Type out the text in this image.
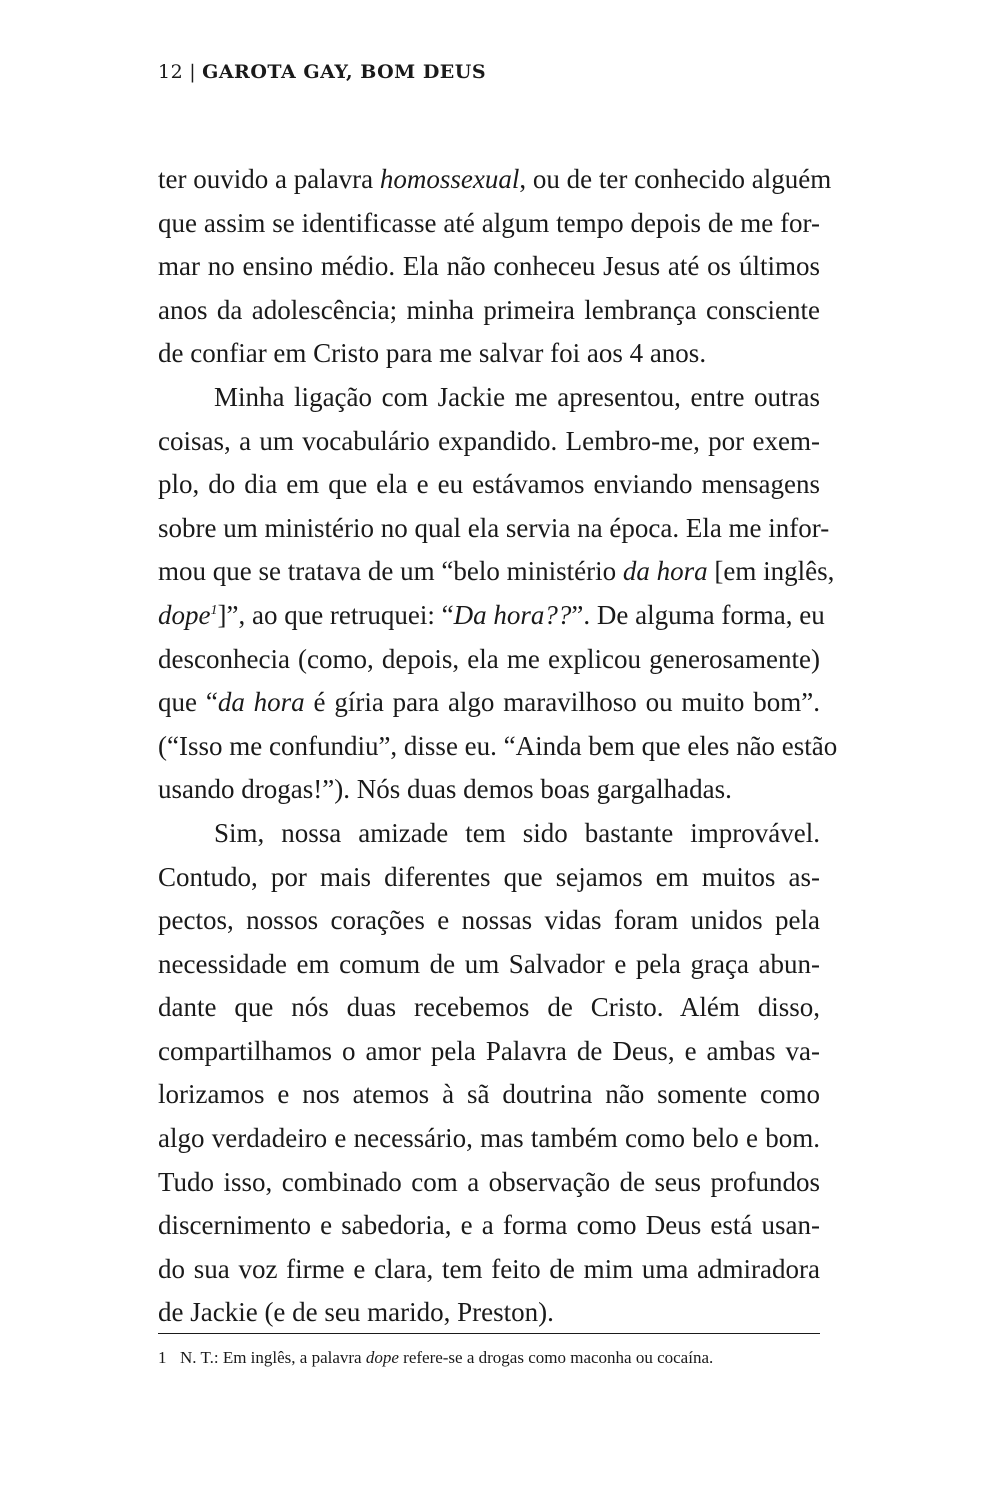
12 | GAROTA GAY, BOM DEUS
ter ouvido a palavra homossexual, ou de ter conhecido alguém
que assim se identificasse até algum tempo depois de me for-
mar no ensino médio. Ela não conheceu Jesus até os últimos
anos da adolescência; minha primeira lembrança consciente
de confiar em Cristo para me salvar foi aos 4 anos.
Minha ligação com Jackie me apresentou, entre outras
coisas, a um vocabulário expandido. Lembro-me, por exem-
plo, do dia em que ela e eu estávamos enviando mensagens
sobre um ministério no qual ela servia na época. Ela me infor-
mou que se tratava de um “belo ministério da hora [em inglês,
dope$^1$]”, ao que retruquei: “Da hora??”. De alguma forma, eu
desconhecia (como, depois, ela me explicou generosamente)
que “da hora é gíria para algo maravilhoso ou muito bom”.
(“Isso me confundiu”, disse eu. “Ainda bem que eles não estão
usando drogas!”). Nós duas demos boas gargalhadas.
Sim, nossa amizade tem sido bastante improvável.
Contudo, por mais diferentes que sejamos em muitos as-
pectos, nossos corações e nossas vidas foram unidos pela
necessidade em comum de um Salvador e pela graça abun-
dante que nós duas recebemos de Cristo. Além disso,
compartilhamos o amor pela Palavra de Deus, e ambas va-
lorizamos e nos atemos à sã doutrina não somente como
algo verdadeiro e necessário, mas também como belo e bom.
Tudo isso, combinado com a observação de seus profundos
discernimento e sabedoria, e a forma como Deus está usan-
do sua voz firme e clara, tem feito de mim uma admiradora
de Jackie (e de seu marido, Preston).
1 N. T.: Em inglês, a palavra dope refere-se a drogas como maconha ou cocaína.
